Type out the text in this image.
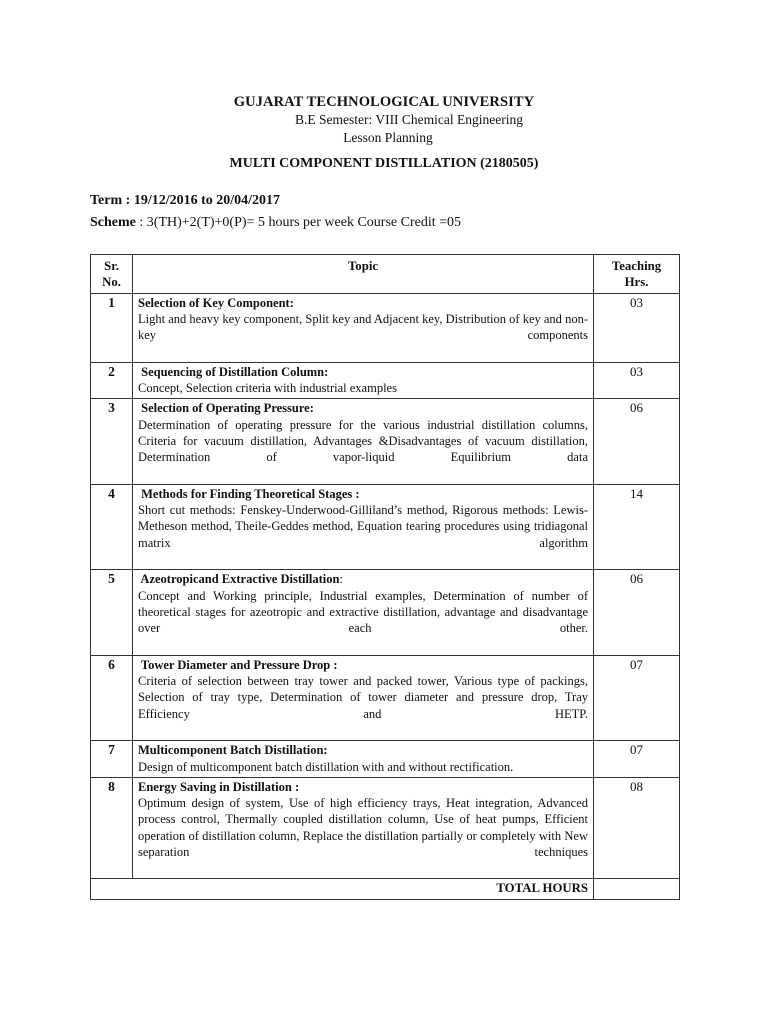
GUJARAT TECHNOLOGICAL UNIVERSITY
B.E Semester: VIII Chemical Engineering
Lesson Planning
MULTI COMPONENT DISTILLATION (2180505)
Term : 19/12/2016 to 20/04/2017
Scheme : 3(TH)+2(T)+0(P)= 5 hours per week Course Credit =05
Sr.
No.	Topic	Teaching
Hrs.
1	Selection of Key Component:
Light and heavy key component, Split key and Adjacent key, Distribution of key and non-key components	03
2	Sequencing of Distillation Column:
Concept, Selection criteria with industrial examples	03
3	Selection of Operating Pressure:
Determination of operating pressure for the various industrial distillation columns, Criteria for vacuum distillation, Advantages &Disadvantages of vacuum distillation, Determination of vapor-liquid Equilibrium data	06
4	Methods for Finding Theoretical Stages :
Short cut methods: Fenskey-Underwood-Gilliland’s method, Rigorous methods: Lewis-Metheson method, Theile-Geddes method, Equation tearing procedures using tridiagonal matrix algorithm	14
5	Azeotropicand Extractive Distillation:
Concept and Working principle, Industrial examples, Determination of number of theoretical stages for azeotropic and extractive distillation, advantage and disadvantage over each other.	06
6	Tower Diameter and Pressure Drop :
Criteria of selection between tray tower and packed tower, Various type of packings, Selection of tray type, Determination of tower diameter and pressure drop, Tray Efficiency and HETP.	07
7	Multicomponent Batch Distillation:
Design of multicomponent batch distillation with and without rectification.	07
8	Energy Saving in Distillation :
Optimum design of system, Use of high efficiency trays, Heat integration, Advanced process control, Thermally coupled distillation column, Use of heat pumps, Efficient operation of distillation column, Replace the distillation partially or completely with New separation techniques	08
TOTAL HOURS		
